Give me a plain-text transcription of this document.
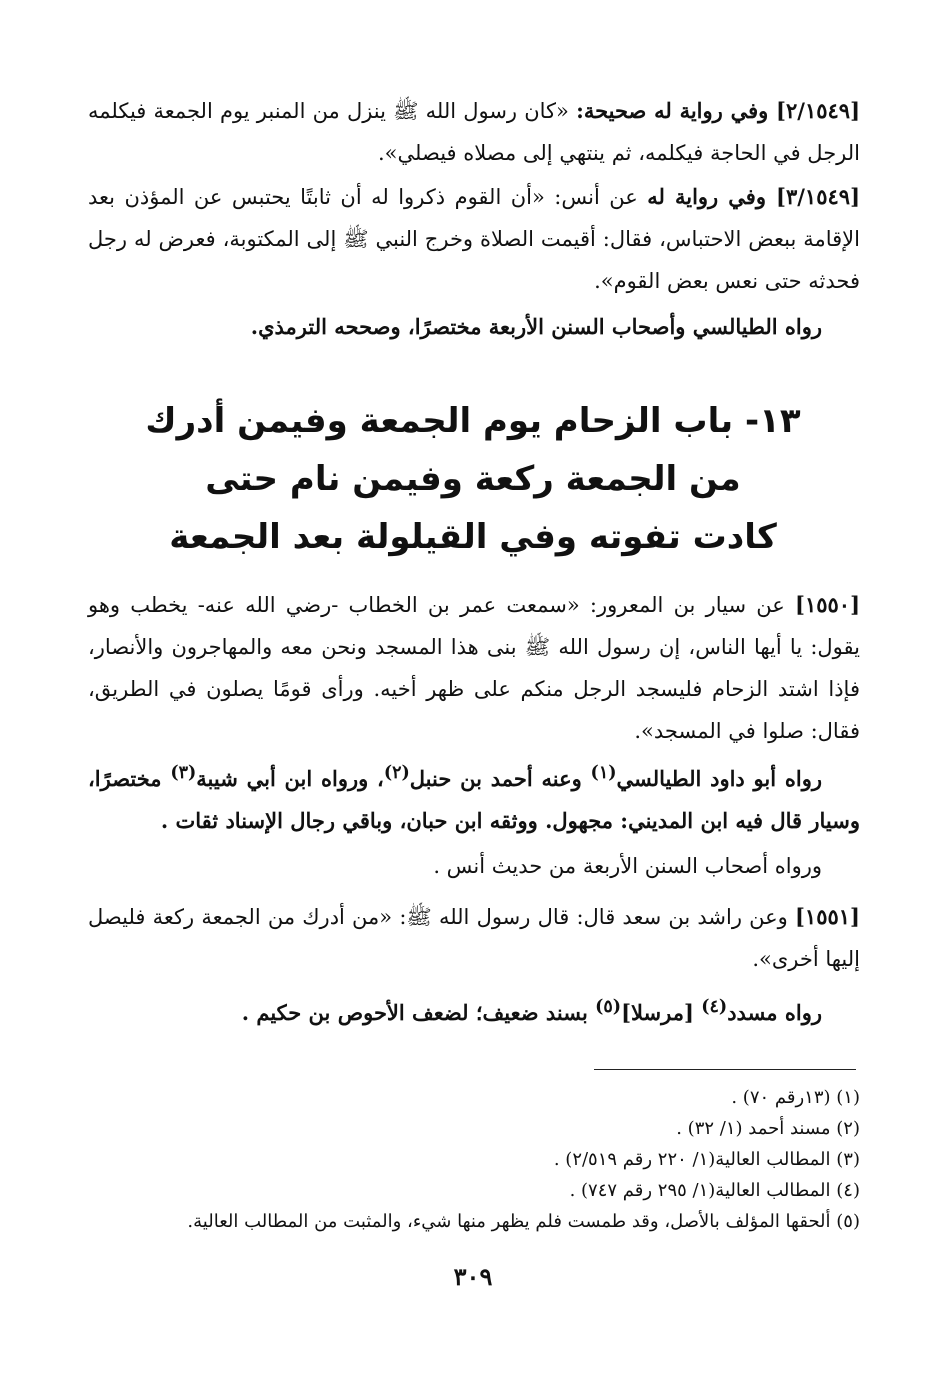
[٢/١٥٤٩] وفي رواية له صحيحة: «كان رسول الله ﷺ ينزل من المنبر يوم الجمعة فيكلمه الرجل في الحاجة فيكلمه، ثم ينتهي إلى مصلاه فيصلي».

[٣/١٥٤٩] وفي رواية له عن أنس: «أن القوم ذكروا له أن ثابتًا يحتبس عن المؤذن بعد الإقامة ببعض الاحتباس، فقال: أقيمت الصلاة وخرج النبي ﷺ إلى المكتوبة، فعرض له رجل فحدثه حتى نعس بعض القوم».

رواه الطيالسي وأصحاب السنن الأربعة مختصرًا، وصححه الترمذي.

١٣- باب الزحام يوم الجمعة وفيمن أدرك
من الجمعة ركعة وفيمن نام حتى
كادت تفوته وفي القيلولة بعد الجمعة

[١٥٥٠] عن سيار بن المعرور: «سمعت عمر بن الخطاب -رضي الله عنه- يخطب وهو يقول: يا أيها الناس، إن رسول الله ﷺ بنى هذا المسجد ونحن معه والمهاجرون والأنصار، فإذا اشتد الزحام فليسجد الرجل منكم على ظهر أخيه. ورأى قومًا يصلون في الطريق، فقال: صلوا في المسجد».

رواه أبو داود الطيالسي$^{(١)}$ وعنه أحمد بن حنبل$^{(٢)}$، ورواه ابن أبي شيبة$^{(٣)}$ مختصرًا، وسيار قال فيه ابن المديني: مجهول. ووثقه ابن حبان، وباقي رجال الإسناد ثقات .

ورواه أصحاب السنن الأربعة من حديث أنس .

[١٥٥١] وعن راشد بن سعد قال: قال رسول الله ﷺ: «من أدرك من الجمعة ركعة فليصل إليها أخرى».

رواه مسدد$^{(٤)}$ [مرسلا]$^{(٥)}$ بسند ضعيف؛ لضعف الأحوص بن حكيم .

(١) (١٣رقم ٧٠) .
(٢) مسند أحمد (١/ ٣٢) .
(٣) المطالب العالية(١/ ٢٢٠ رقم ٢/٥١٩) .
(٤) المطالب العالية(١/ ٢٩٥ رقم ٧٤٧) .
(٥) ألحقها المؤلف بالأصل، وقد طمست فلم يظهر منها شيء، والمثبت من المطالب العالية.
٣٠٩
